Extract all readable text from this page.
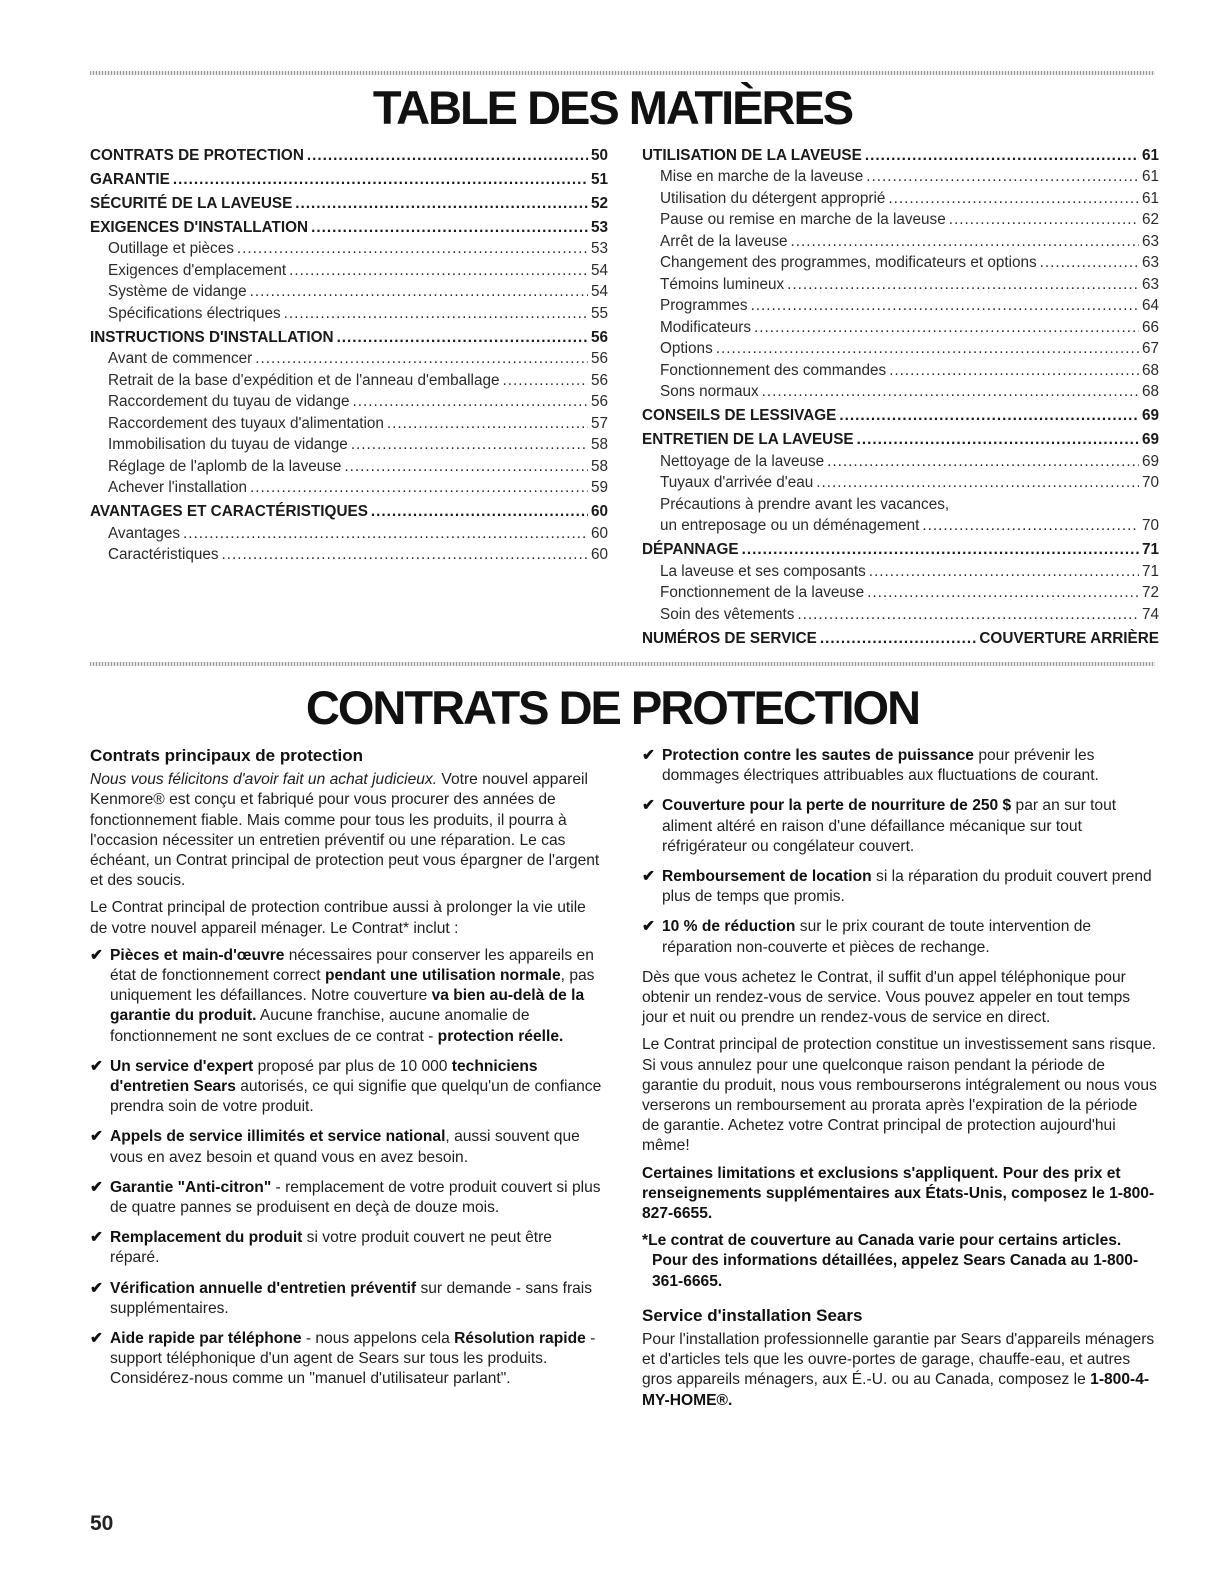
TABLE DES MATIÈRES
CONTRATS DE PROTECTION .....	50
GARANTIE .....	51
SÉCURITÉ DE LA LAVEUSE .....	52
EXIGENCES D'INSTALLATION .....	53
Outillage et pièces .....	53
Exigences d'emplacement .....	54
Système de vidange .....	54
Spécifications électriques .....	55
INSTRUCTIONS D'INSTALLATION .....	56
Avant de commencer .....	56
Retrait de la base d'expédition et de l'anneau d'emballage .....	56
Raccordement du tuyau de vidange .....	56
Raccordement des tuyaux d'alimentation .....	57
Immobilisation du tuyau de vidange .....	58
Réglage de l'aplomb de la laveuse .....	58
Achever l'installation .....	59
AVANTAGES ET CARACTÉRISTIQUES .....	60
Avantages .....	60
Caractéristiques .....	60
UTILISATION DE LA LAVEUSE .....	61
Mise en marche de la laveuse .....	61
Utilisation du détergent approprié .....	61
Pause ou remise en marche de la laveuse .....	62
Arrêt de la laveuse .....	63
Changement des programmes, modificateurs et options .....	63
Témoins lumineux .....	63
Programmes .....	64
Modificateurs .....	66
Options .....	67
Fonctionnement des commandes .....	68
Sons normaux .....	68
CONSEILS DE LESSIVAGE .....	69
ENTRETIEN DE LA LAVEUSE .....	69
Nettoyage de la laveuse .....	69
Tuyaux d'arrivée d'eau .....	70
Précautions à prendre avant les vacances,
un entreposage ou un déménagement .....	70
DÉPANNAGE .....	71
La laveuse et ses composants .....	71
Fonctionnement de la laveuse .....	72
Soin des vêtements .....	74
NUMÉROS DE SERVICE .....	COUVERTURE ARRIÈRE
CONTRATS DE PROTECTION
Contrats principaux de protection

Nous vous félicitons d'avoir fait un achat judicieux. Votre nouvel appareil Kenmore® est conçu et fabriqué pour vous procurer des années de fonctionnement fiable. Mais comme pour tous les produits, il pourra à l'occasion nécessiter un entretien préventif ou une réparation. Le cas échéant, un Contrat principal de protection peut vous épargner de l'argent et des soucis.

Le Contrat principal de protection contribue aussi à prolonger la vie utile de votre nouvel appareil ménager. Le Contrat* inclut :

✔ Pièces et main-d'œuvre nécessaires pour conserver les appareils en état de fonctionnement correct pendant une utilisation normale, pas uniquement les défaillances. Notre couverture va bien au-delà de la garantie du produit. Aucune franchise, aucune anomalie de fonctionnement ne sont exclues de ce contrat - protection réelle.
✔ Un service d'expert proposé par plus de 10 000 techniciens d'entretien Sears autorisés, ce qui signifie que quelqu'un de confiance prendra soin de votre produit.
✔ Appels de service illimités et service national, aussi souvent que vous en avez besoin et quand vous en avez besoin.
✔ Garantie "Anti-citron" - remplacement de votre produit couvert si plus de quatre pannes se produisent en deçà de douze mois.
✔ Remplacement du produit si votre produit couvert ne peut être réparé.
✔ Vérification annuelle d'entretien préventif sur demande - sans frais supplémentaires.
✔ Aide rapide par téléphone - nous appelons cela Résolution rapide - support téléphonique d'un agent de Sears sur tous les produits. Considérez-nous comme un "manuel d'utilisateur parlant".
✔ Protection contre les sautes de puissance pour prévenir les dommages électriques attribuables aux fluctuations de courant.
✔ Couverture pour la perte de nourriture de 250 $ par an sur tout aliment altéré en raison d'une défaillance mécanique sur tout réfrigérateur ou congélateur couvert.
✔ Remboursement de location si la réparation du produit couvert prend plus de temps que promis.
✔ 10 % de réduction sur le prix courant de toute intervention de réparation non-couverte et pièces de rechange.

Dès que vous achetez le Contrat, il suffit d'un appel téléphonique pour obtenir un rendez-vous de service. Vous pouvez appeler en tout temps jour et nuit ou prendre un rendez-vous de service en direct.

Le Contrat principal de protection constitue un investissement sans risque. Si vous annulez pour une quelconque raison pendant la période de garantie du produit, nous vous rembourserons intégralement ou nous vous verserons un remboursement au prorata après l'expiration de la période de garantie. Achetez votre Contrat principal de protection aujourd'hui même!

Certaines limitations et exclusions s'appliquent. Pour des prix et renseignements supplémentaires aux États-Unis, composez le 1-800-827-6655.

*Le contrat de couverture au Canada varie pour certains articles. Pour des informations détaillées, appelez Sears Canada au 1-800-361-6665.

Service d'installation Sears

Pour l'installation professionnelle garantie par Sears d'appareils ménagers et d'articles tels que les ouvre-portes de garage, chauffe-eau, et autres gros appareils ménagers, aux É.-U. ou au Canada, composez le 1-800-4-MY-HOME®.

50
